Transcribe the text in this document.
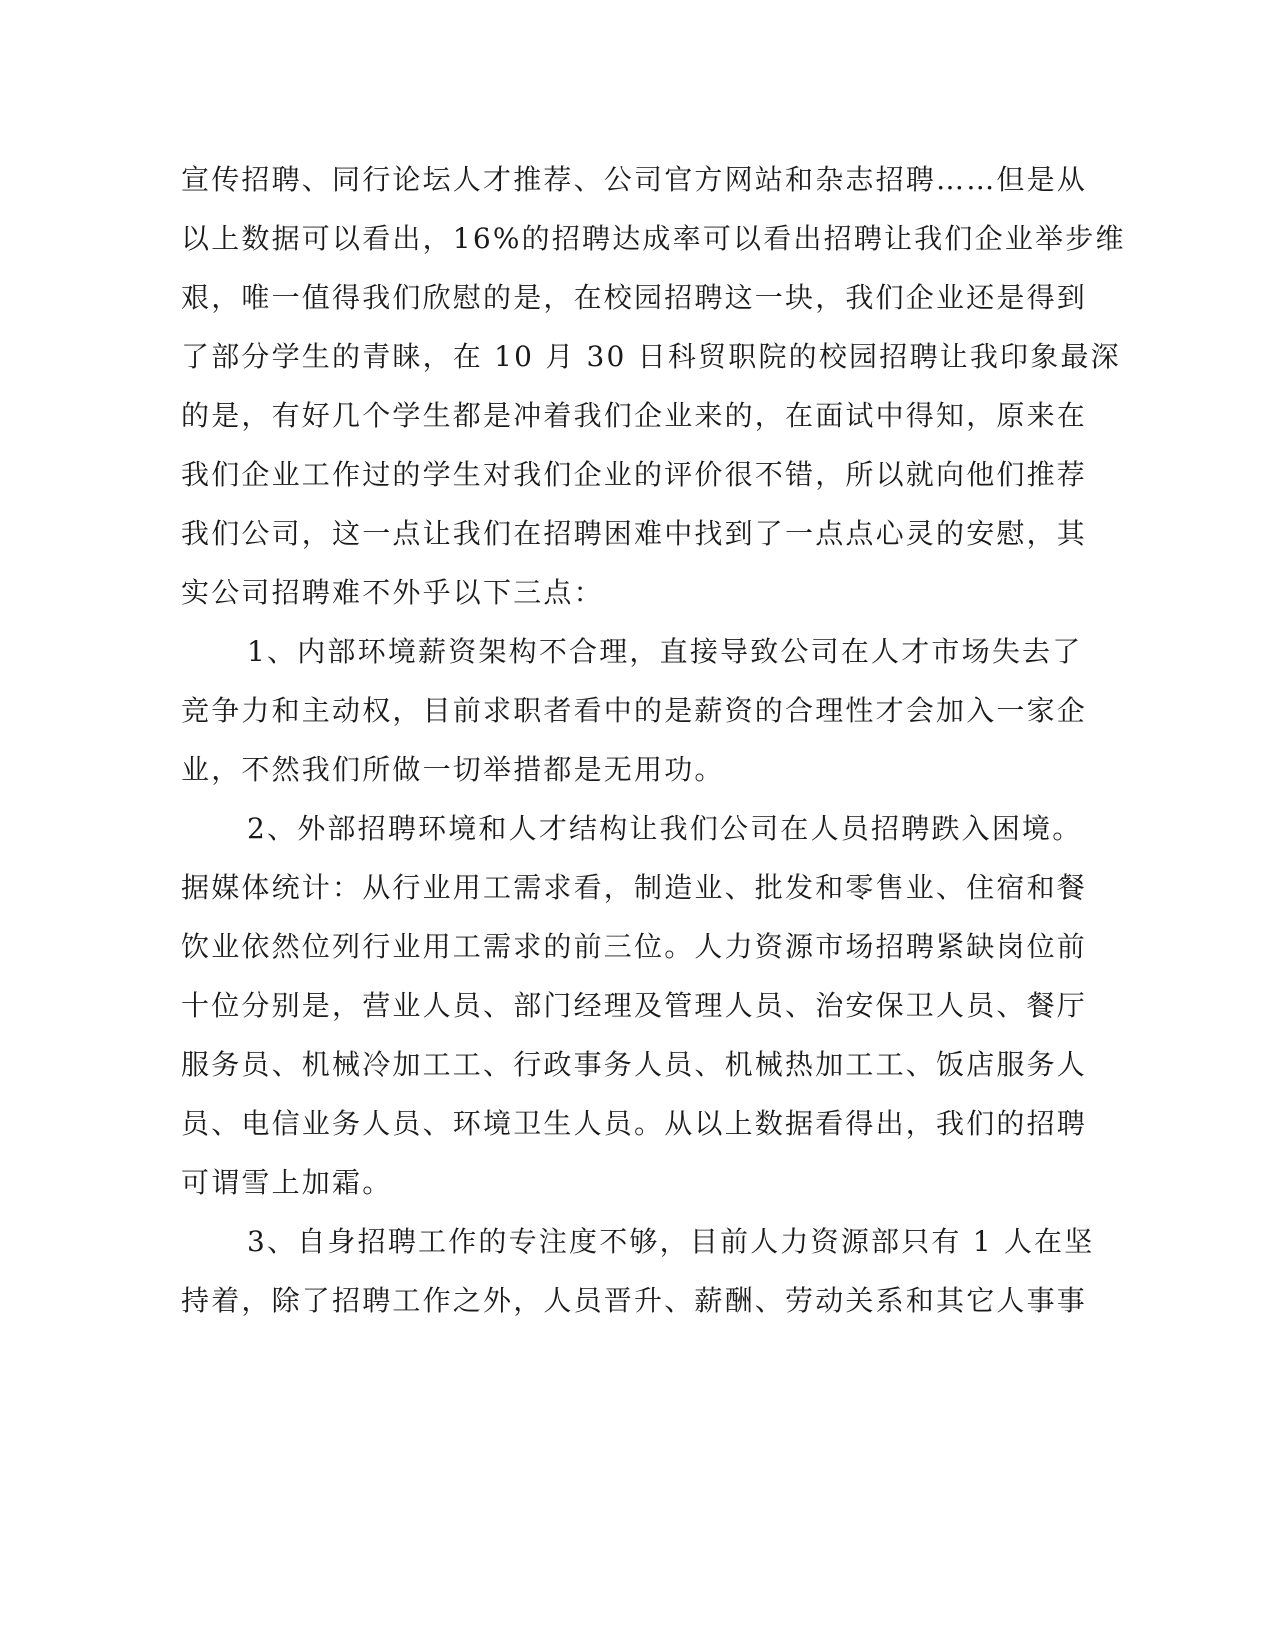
宣传招聘、同行论坛人才推荐、公司官方网站和杂志招聘……但是从
以上数据可以看出，16%的招聘达成率可以看出招聘让我们企业举步维
艰，唯一值得我们欣慰的是，在校园招聘这一块，我们企业还是得到
了部分学生的青睐，在 10 月 30 日科贸职院的校园招聘让我印象最深
的是，有好几个学生都是冲着我们企业来的，在面试中得知，原来在
我们企业工作过的学生对我们企业的评价很不错，所以就向他们推荐
我们公司，这一点让我们在招聘困难中找到了一点点心灵的安慰，其
实公司招聘难不外乎以下三点：
1、内部环境薪资架构不合理，直接导致公司在人才市场失去了
竞争力和主动权，目前求职者看中的是薪资的合理性才会加入一家企
业，不然我们所做一切举措都是无用功。
2、外部招聘环境和人才结构让我们公司在人员招聘跌入困境。
据媒体统计：从行业用工需求看，制造业、批发和零售业、住宿和餐
饮业依然位列行业用工需求的前三位。人力资源市场招聘紧缺岗位前
十位分别是，营业人员、部门经理及管理人员、治安保卫人员、餐厅
服务员、机械冷加工工、行政事务人员、机械热加工工、饭店服务人
员、电信业务人员、环境卫生人员。从以上数据看得出，我们的招聘
可谓雪上加霜。
3、自身招聘工作的专注度不够，目前人力资源部只有 1 人在坚
持着，除了招聘工作之外，人员晋升、薪酬、劳动关系和其它人事事
